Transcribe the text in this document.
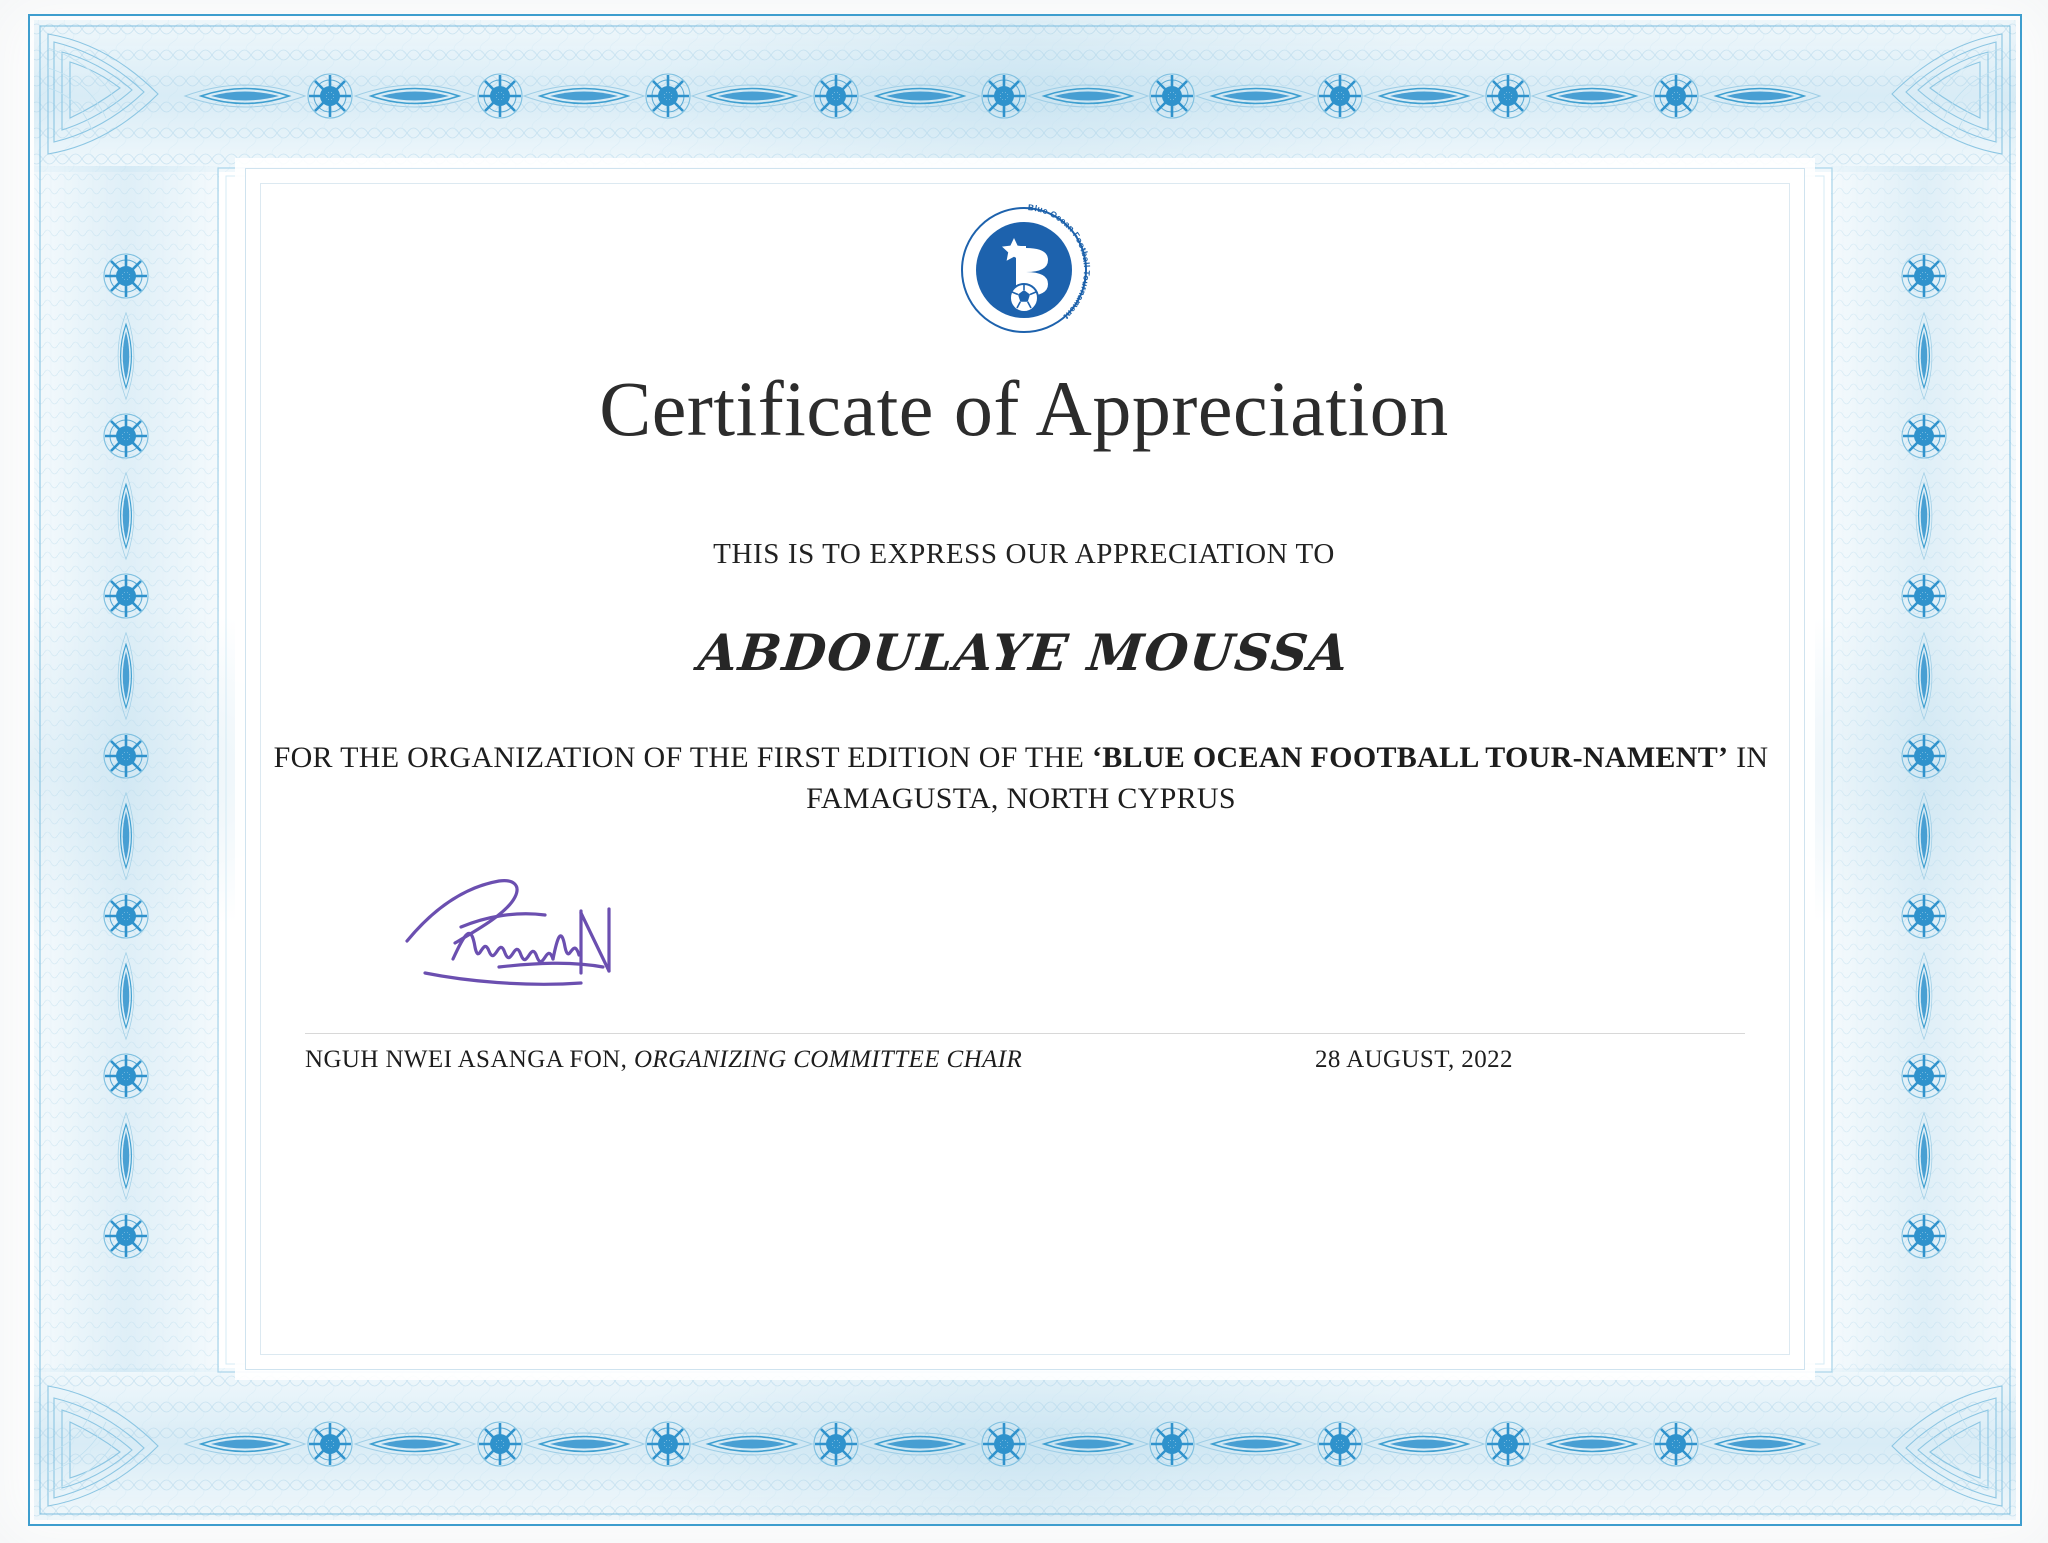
Blue Ocean Football Tournament
Certificate of Appreciation
THIS IS TO EXPRESS OUR APPRECIATION TO
ABDOULAYE MOUSSA
FOR THE ORGANIZATION OF THE FIRST EDITION OF THE ‘BLUE OCEAN FOOTBALL TOUR-NAMENT’ IN FAMAGUSTA, NORTH CYPRUS
NGUH NWEI ASANGA FON, ORGANIZING COMMITTEE CHAIR	28 AUGUST, 2022
